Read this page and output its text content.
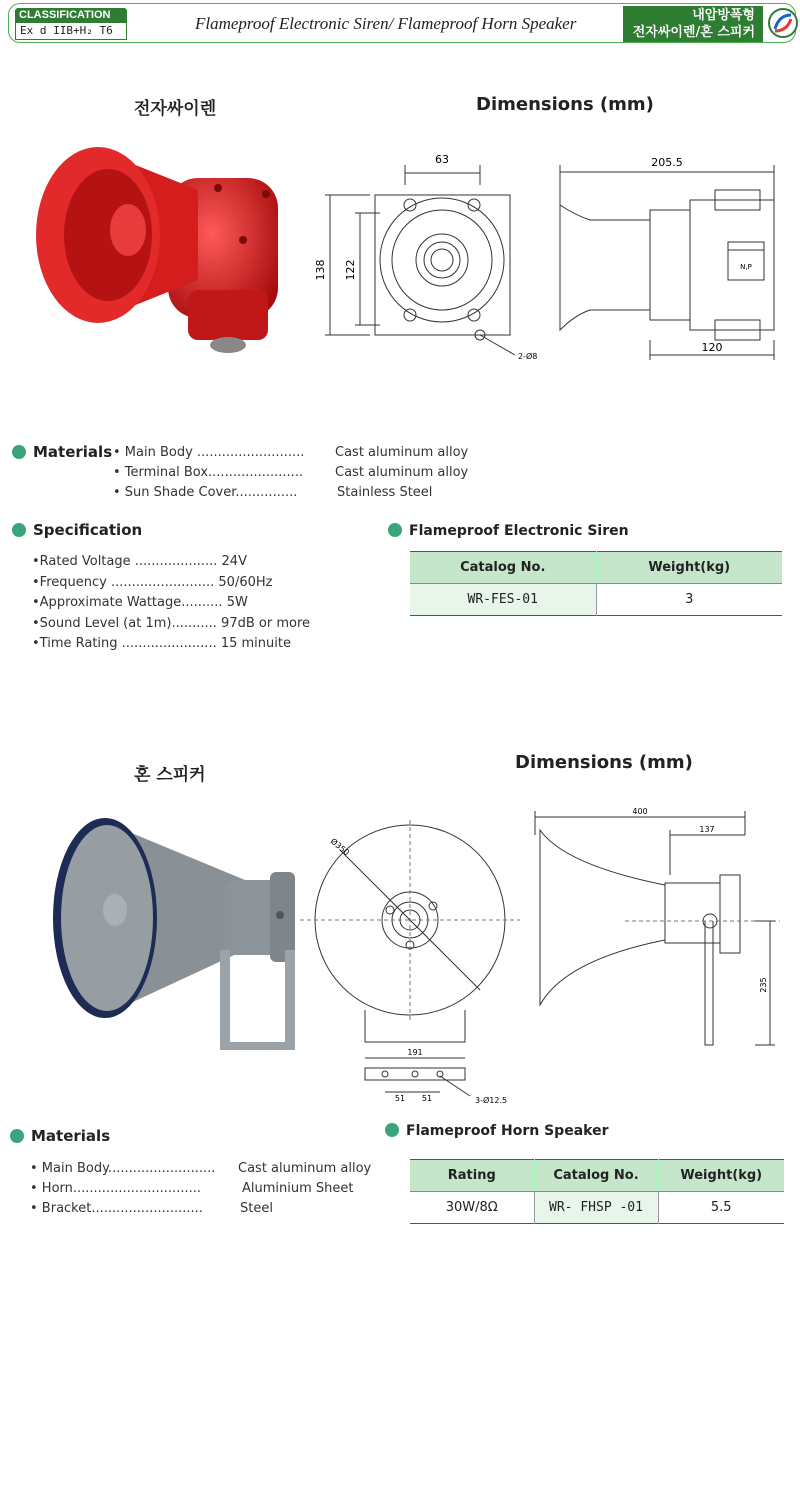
CLASSIFICATION
Ex d IIB+H₂ T6	Flameproof Electronic Siren/ Flameproof Horn Speaker	내압방폭형
전자싸이렌/혼 스피커
전자싸이렌	Dimensions (mm)
63
138 122
2-Ø8
205.5
120
N,P
Materials • Main Body .......................... Cast aluminum alloy
• Terminal Box....................... Cast aluminum alloy
• Sun Shade Cover...............	Stainless Steel
Specification
•Rated Voltage .................... 24V
•Frequency ......................... 50/60Hz
•Approximate Wattage.......... 5W
•Sound Level (at 1m)........... 97dB or more
•Time Rating ....................... 15 minuite
Flameproof Electronic Siren
Catalog No.	Weight(kg)
WR-FES-01	3
혼 스피커
Dimensions (mm)
Ø350
191
51 51	3-Ø12.5
400
137
235
Materials
• Main Body.......................... Cast aluminum alloy
• Horn...............................	Aluminium Sheet
• Bracket...........................	Steel
Flameproof Horn Speaker
Rating	Catalog No.	Weight(kg)
30W/8Ω	WR- FHSP -01	5.5
